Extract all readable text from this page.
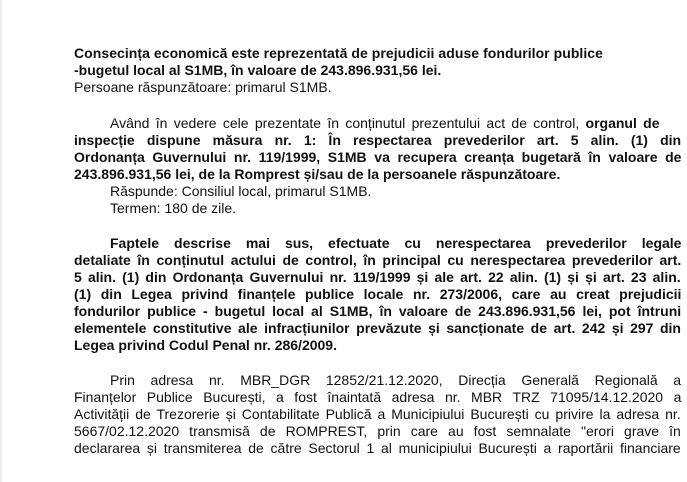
Consecința economică este reprezentată de prejudicii aduse fondurilor publice
-bugetul local al S1MB, în valoare de 243.896.931,56 lei.
Persoane răspunzătoare: primarul S1MB.
Având în vedere cele prezentate în conținutul prezentului act de control, organul de
inspecție dispune măsura nr. 1: În respectarea prevederilor art. 5 alin. (1) din
Ordonanța Guvernului nr. 119/1999, S1MB va recupera creanța bugetară în valoare de
243.896.931,56 lei, de la Romprest și/sau de la persoanele răspunzătoare.
Răspunde: Consiliul local, primarul S1MB.
Termen: 180 de zile.
Faptele descrise mai sus, efectuate cu nerespectarea prevederilor legale
detaliate în conținutul actului de control, în principal cu nerespectarea prevederilor art.
5 alin. (1) din Ordonanța Guvernului nr. 119/1999 și ale art. 22 alin. (1) și și art. 23 alin.
(1) din Legea privind finanțele publice locale nr. 273/2006, care au creat prejudicii
fondurilor publice - bugetul local al S1MB, în valoare de 243.896.931,56 lei, pot întruni
elementele constitutive ale infracțiunilor prevăzute și sancționate de art. 242 și 297 din
Legea privind Codul Penal nr. 286/2009.
Prin adresa nr. MBR_DGR 12852/21.12.2020, Direcția Generală Regională a
Finanțelor Publice București, a fost înaintată adresa nr. MBR TRZ 71095/14.12.2020 a
Activității de Trezorerie și Contabilitate Publică a Municipiului București cu privire la adresa nr.
5667/02.12.2020 transmisă de ROMPREST, prin care au fost semnalate "erori grave în
declararea și transmiterea de către Sectorul 1 al municipiului București a raportării financiare
